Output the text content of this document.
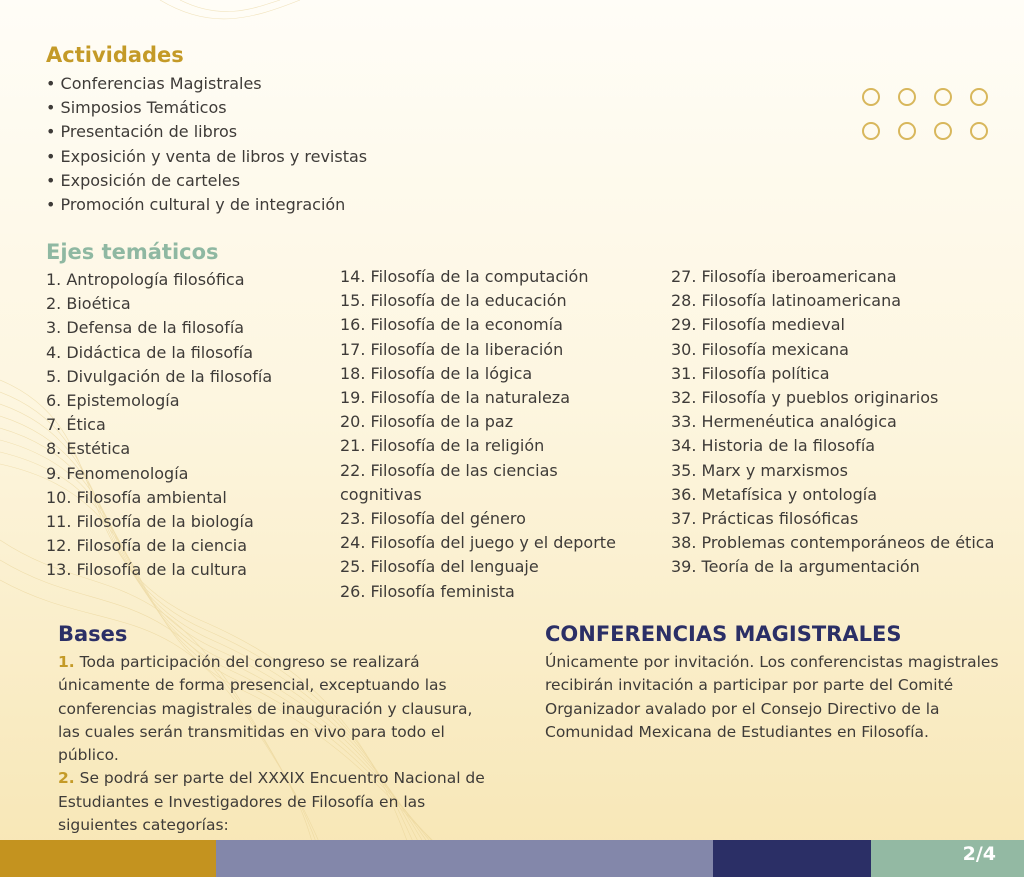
Actividades
• Conferencias Magistrales
• Simposios Temáticos
• Presentación de libros
• Exposición y venta de libros y revistas
• Exposición de carteles
• Promoción cultural y de integración
Ejes temáticos
1. Antropología filosófica
2. Bioética
3. Defensa de la filosofía
4. Didáctica de la filosofía
5. Divulgación de la filosofía
6. Epistemología
7. Ética
8. Estética
9. Fenomenología
10. Filosofía ambiental
11. Filosofía de la biología
12. Filosofía de la ciencia
13. Filosofía de la cultura
14. Filosofía de la computación
15. Filosofía de la educación
16. Filosofía de la economía
17. Filosofía de la liberación
18. Filosofía de la lógica
19. Filosofía de la naturaleza
20. Filosofía de la paz
21. Filosofía de la religión
22. Filosofía de las ciencias cognitivas
23. Filosofía del género
24. Filosofía del juego y el deporte
25. Filosofía del lenguaje
26. Filosofía feminista
27. Filosofía iberoamericana
28. Filosofía latinoamericana
29. Filosofía medieval
30. Filosofía mexicana
31. Filosofía política
32. Filosofía y pueblos originarios
33. Hermenéutica analógica
34. Historia de la filosofía
35. Marx y marxismos
36. Metafísica y ontología
37. Prácticas filosóficas
38. Problemas contemporáneos de ética
39. Teoría de la argumentación
Bases
1. Toda participación del congreso se realizará únicamente de forma presencial, exceptuando las conferencias magistrales de inauguración y clausura, las cuales serán transmitidas en vivo para todo el público.
2. Se podrá ser parte del XXXIX Encuentro Nacional de Estudiantes e Investigadores de Filosofía en las siguientes categorías:
CONFERENCIAS MAGISTRALES

Únicamente por invitación. Los conferencistas magistrales recibirán invitación a participar por parte del Comité Organizador avalado por el Consejo Directivo de la Comunidad Mexicana de Estudiantes en Filosofía.

2/4
